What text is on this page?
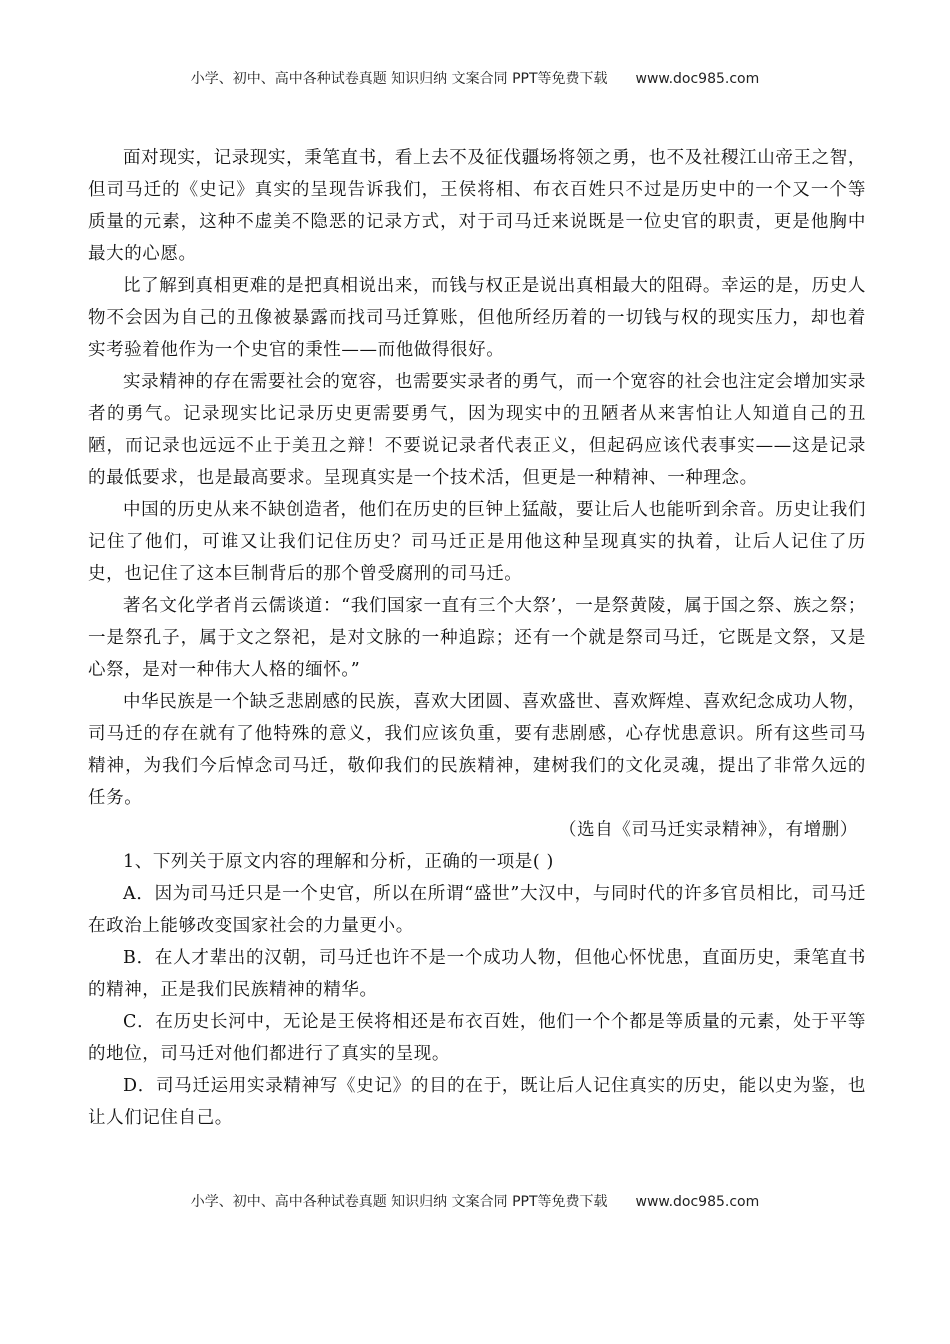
小学、初中、高中各种试卷真题 知识归纳 文案合同 PPT等免费下载 www.doc985.com

面对现实，记录现实，秉笔直书，看上去不及征伐疆场将领之勇，也不及社稷江山帝王之智，但司马迁的《史记》真实的呈现告诉我们，王侯将相、布衣百姓只不过是历史中的一个又一个等质量的元素，这种不虚美不隐恶的记录方式，对于司马迁来说既是一位史官的职责，更是他胸中最大的心愿。

比了解到真相更难的是把真相说出来，而钱与权正是说出真相最大的阻碍。幸运的是，历史人物不会因为自己的丑像被暴露而找司马迁算账，但他所经历着的一切钱与权的现实压力，却也着实考验着他作为一个史官的秉性——而他做得很好。

实录精神的存在需要社会的宽容，也需要实录者的勇气，而一个宽容的社会也注定会增加实录者的勇气。记录现实比记录历史更需要勇气，因为现实中的丑陋者从来害怕让人知道自己的丑陋，而记录也远远不止于美丑之辩！不要说记录者代表正义，但起码应该代表事实——这是记录的最低要求，也是最高要求。呈现真实是一个技术活，但更是一种精神、一种理念。

中国的历史从来不缺创造者，他们在历史的巨钟上猛敲，要让后人也能听到余音。历史让我们记住了他们，可谁又让我们记住历史？司马迁正是用他这种呈现真实的执着，让后人记住了历史，也记住了这本巨制背后的那个曾受腐刑的司马迁。

著名文化学者肖云儒谈道：“我们国家一直有三个大祭’，一是祭黄陵，属于国之祭、族之祭；一是祭孔子，属于文之祭祀，是对文脉的一种追踪；还有一个就是祭司马迁，它既是文祭，又是心祭，是对一种伟大人格的缅怀。”

中华民族是一个缺乏悲剧感的民族，喜欢大团圆、喜欢盛世、喜欢辉煌、喜欢纪念成功人物，司马迁的存在就有了他特殊的意义，我们应该负重，要有悲剧感，心存忧患意识。所有这些司马精神，为我们今后悼念司马迁，敬仰我们的民族精神，建树我们的文化灵魂，提出了非常久远的任务。

（选自《司马迁实录精神》，有增删）

1、下列关于原文内容的理解和分析，正确的一项是( )

A．因为司马迁只是一个史官，所以在所谓“盛世”大汉中，与同时代的许多官员相比，司马迁在政治上能够改变国家社会的力量更小。

B．在人才辈出的汉朝，司马迁也许不是一个成功人物，但他心怀忧患，直面历史，秉笔直书的精神，正是我们民族精神的精华。

C．在历史长河中，无论是王侯将相还是布衣百姓，他们一个个都是等质量的元素，处于平等的地位，司马迁对他们都进行了真实的呈现。

D．司马迁运用实录精神写《史记》的目的在于，既让后人记住真实的历史，能以史为鉴，也让人们记住自己。

小学、初中、高中各种试卷真题 知识归纳 文案合同 PPT等免费下载 www.doc985.com
